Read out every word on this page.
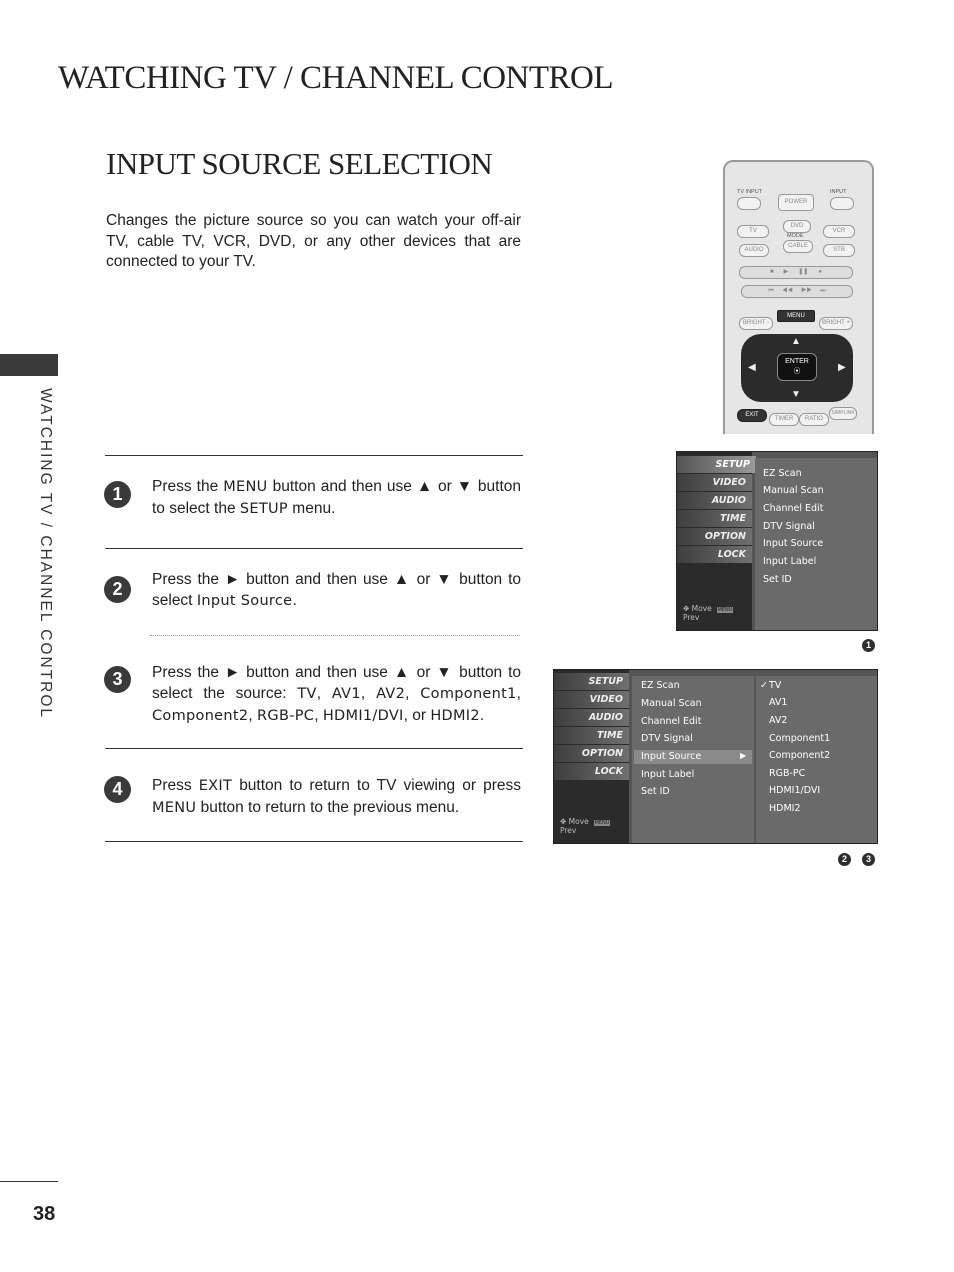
WATCHING TV / CHANNEL CONTROL
WATCHING TV / CHANNEL CONTROL
INPUT SOURCE SELECTION
Changes the picture source so you can watch your off-air TV, cable TV, VCR, DVD, or any other devices that are connected to your TV.
TV INPUT
POWER
INPUT
TV
DVD
VCR
MODE
AUDIO
CABLE
STB
■      ▶      ❚❚      ●
⏮     ◀◀     ▶▶     ⏭
BRIGHT -
MENU
BRIGHT +
▲
▼
◀	▶
ENTER
⦿
EXIT
TIMER	RATIO
SIMPLINK
1	Press the MENU button and then use ▲ or ▼ button to select the SETUP menu.
2	Press the ► button and then use ▲ or ▼ button to select Input Source.
3	Press the ► button and then use ▲ or ▼ button to select the source: TV, AV1, AV2, Component1, Component2, RGB-PC, HDMI1/DVI, or HDMI2.
4	Press EXIT button to return to TV viewing or press MENU button to return to the previous menu.
SETUP
VIDEO
AUDIO
TIME
OPTION
LOCK
✥ Move MENU Prev
EZ Scan
Manual Scan
Channel Edit
DTV Signal
Input Source
Input Label
Set ID
1
SETUP
VIDEO
AUDIO
TIME
OPTION
LOCK
✥ Move MENU Prev
EZ Scan
Manual Scan
Channel Edit
DTV Signal
Input Source	▶
Input Label
Set ID
✓ TV
AV1
AV2
Component1
Component2
RGB-PC
HDMI1/DVI
HDMI2
2	3
38
